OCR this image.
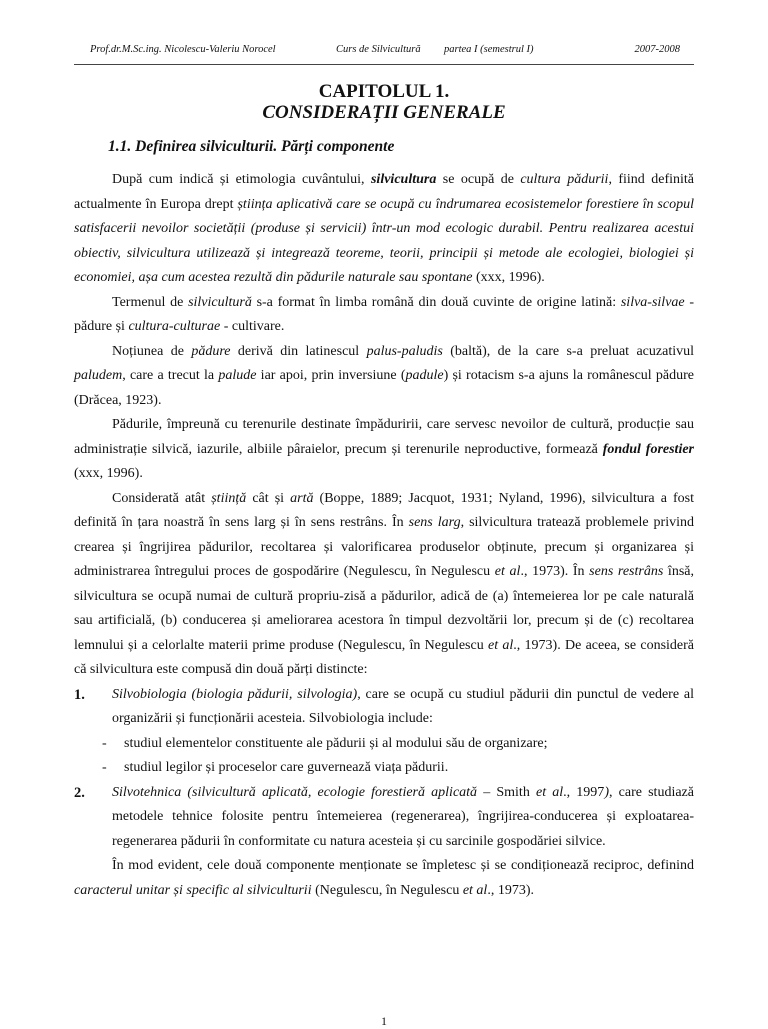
Prof.dr.M.Sc.ing. Nicolescu-Valeriu Norocel	Curs de Silvicultură partea I (semestrul I)	2007-2008
CAPITOLUL 1.
CONSIDERAȚII GENERALE
1.1. Definirea silviculturii. Părți componente

După cum indică și etimologia cuvântului, silvicultura se ocupă de cultura pădurii, fiind definită actualmente în Europa drept știința aplicativă care se ocupă cu îndrumarea ecosistemelor forestiere în scopul satisfacerii nevoilor societății (produse și servicii) într-un mod ecologic durabil. Pentru realizarea acestui obiectiv, silvicultura utilizează și integrează teoreme, teorii, principii și metode ale ecologiei, biologiei și economiei, așa cum acestea rezultă din pădurile naturale sau spontane (xxx, 1996).

Termenul de silvicultură s-a format în limba română din două cuvinte de origine latină: silva-silvae - pădure și cultura-culturae - cultivare.

Noțiunea de pădure derivă din latinescul palus-paludis (baltă), de la care s-a preluat acuzativul paludem, care a trecut la palude iar apoi, prin inversiune (padule) și rotacism s-a ajuns la românescul pădure (Drăcea, 1923).

Pădurile, împreună cu terenurile destinate împăduririi, care servesc nevoilor de cultură, producție sau administrație silvică, iazurile, albiile pâraielor, precum și terenurile neproductive, formează fondul forestier (xxx, 1996).

Considerată atât știință cât și artă (Boppe, 1889; Jacquot, 1931; Nyland, 1996), silvicultura a fost definită în țara noastră în sens larg și în sens restrâns. În sens larg, silvicultura tratează problemele privind crearea și îngrijirea pădurilor, recoltarea și valorificarea produselor obținute, precum și organizarea și administrarea întregului proces de gospodărire (Negulescu, în Negulescu et al., 1973). În sens restrâns însă, silvicultura se ocupă numai de cultură propriu-zisă a pădurilor, adică de (a) întemeierea lor pe cale naturală sau artificială, (b) conducerea și ameliorarea acestora în timpul dezvoltării lor, precum și de (c) recoltarea lemnului și a celorlalte materii prime produse (Negulescu, în Negulescu et al., 1973). De aceea, se consideră că silvicultura este compusă din două părți distincte:

1. Silvobiologia (biologia pădurii, silvologia), care se ocupă cu studiul pădurii din punctul de vedere al organizării și funcționării acesteia. Silvobiologia include:
- studiul elementelor constituente ale pădurii și al modului său de organizare;
- studiul legilor și proceselor care guvernează viața pădurii.
2. Silvotehnica (silvicultură aplicată, ecologie forestieră aplicată – Smith et al., 1997), care studiază metodele tehnice folosite pentru întemeierea (regenerarea), îngrijirea-conducerea și exploatarea-regenerarea pădurii în conformitate cu natura acesteia și cu sarcinile gospodăriei silvice.

În mod evident, cele două componente menționate se împletesc și se condiționează reciproc, definind caracterul unitar și specific al silviculturii (Negulescu, în Negulescu et al., 1973).

1
